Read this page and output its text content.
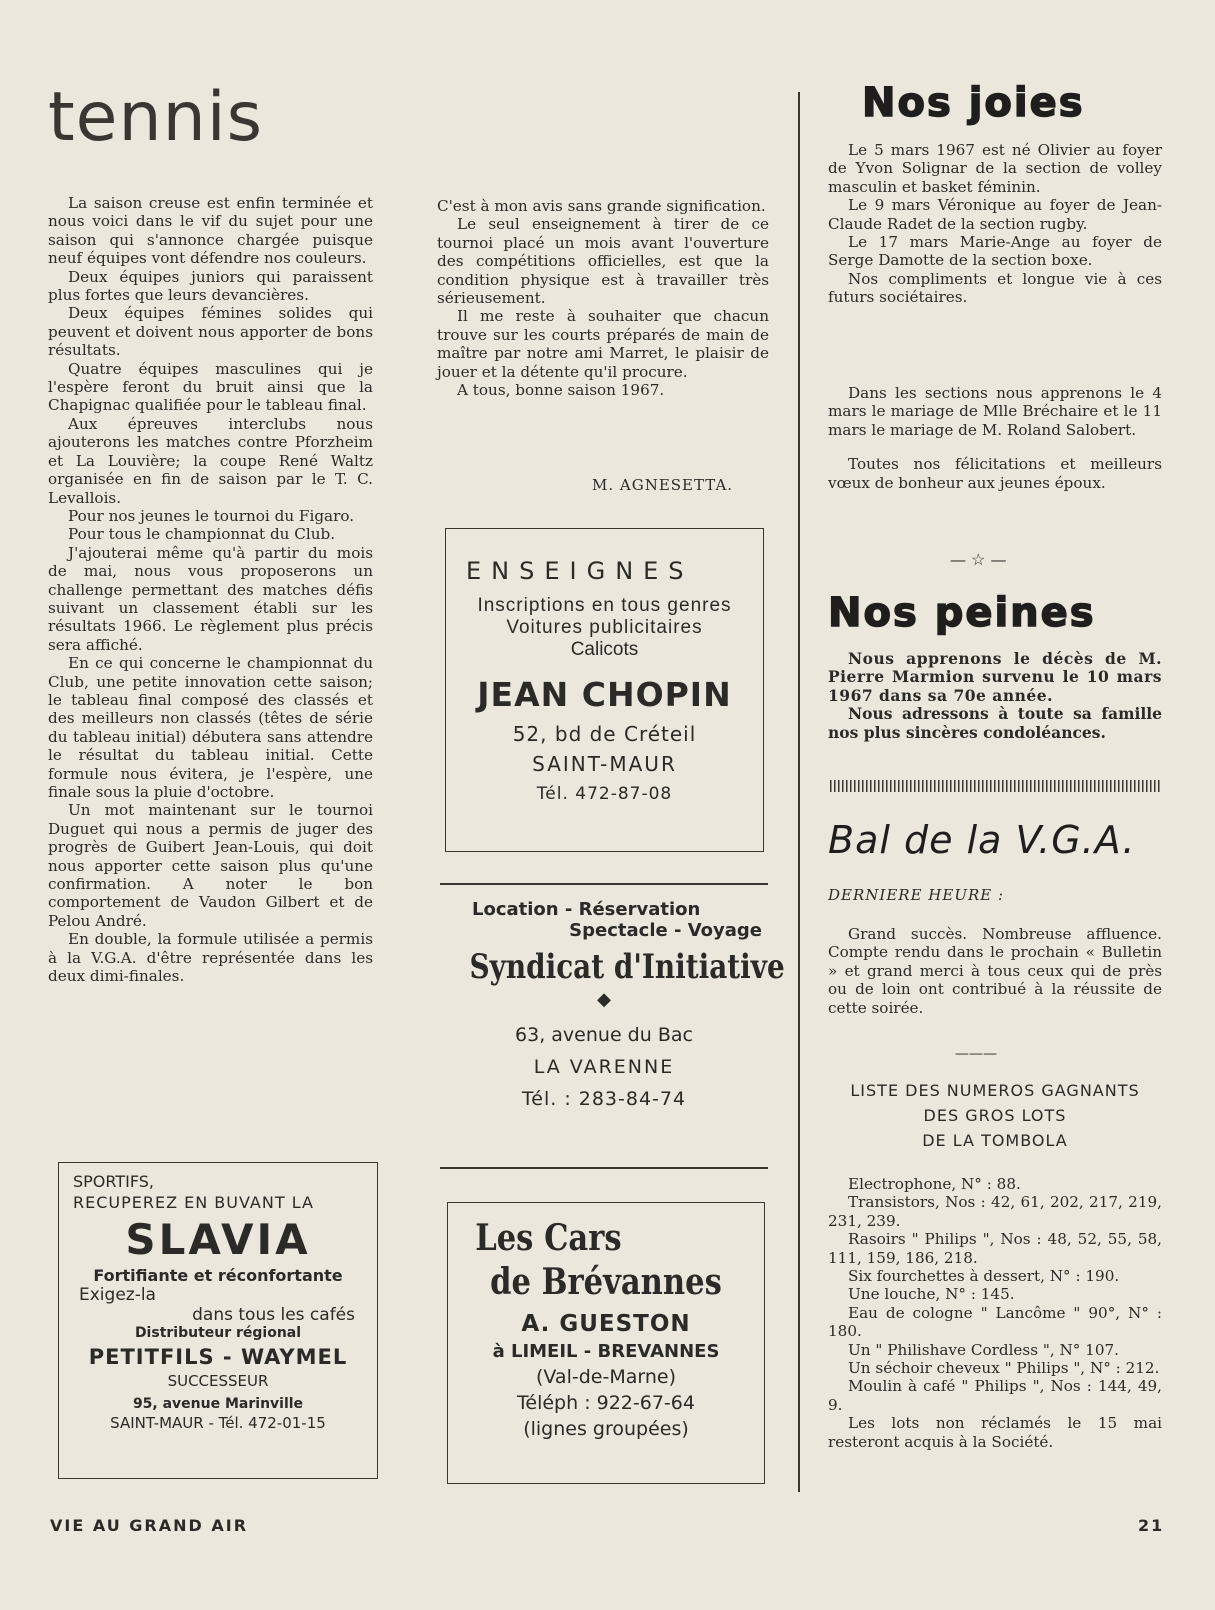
tennis

La saison creuse est enfin terminée et nous voici dans le vif du sujet pour une saison qui s'annonce chargée puisque neuf équipes vont défendre nos couleurs.

Deux équipes juniors qui paraissent plus fortes que leurs devancières.

Deux équipes fémines solides qui peuvent et doivent nous apporter de bons résultats.

Quatre équipes masculines qui je l'espère feront du bruit ainsi que la Chapignac qualifiée pour le tableau final.

Aux épreuves interclubs nous ajouterons les matches contre Pforzheim et La Louvière; la coupe René Waltz organisée en fin de saison par le T. C. Levallois.

Pour nos jeunes le tournoi du Figaro.

Pour tous le championnat du Club.

J'ajouterai même qu'à partir du mois de mai, nous vous proposerons un challenge permettant des matches défis suivant un classement établi sur les résultats 1966. Le règlement plus précis sera affiché.

En ce qui concerne le championnat du Club, une petite innovation cette saison; le tableau final composé des classés et des meilleurs non classés (têtes de série du tableau initial) débutera sans attendre le résultat du tableau initial. Cette formule nous évitera, je l'espère, une finale sous la pluie d'octobre.

Un mot maintenant sur le tournoi Duguet qui nous a permis de juger des progrès de Guibert Jean-Louis, qui doit nous apporter cette saison plus qu'une confirmation. A noter le bon comportement de Vaudon Gilbert et de Pelou André.

En double, la formule utilisée a permis à la V.G.A. d'être représentée dans les deux dimi-finales.

SPORTIFS,
RECUPEREZ EN BUVANT LA
SLAVIA
Fortifiante et réconfortante
Exigez-la
dans tous les cafés
Distributeur régional
PETITFILS - WAYMEL
SUCCESSEUR
95, avenue Marinville
SAINT-MAUR - Tél. 472-01-15

C'est à mon avis sans grande signification.

Le seul enseignement à tirer de ce tournoi placé un mois avant l'ouverture des compétitions officielles, est que la condition physique est à travailler très sérieusement.

Il me reste à souhaiter que chacun trouve sur les courts préparés de main de maître par notre ami Marret, le plaisir de jouer et la détente qu'il procure.

A tous, bonne saison 1967.

M. AGNESETTA.
ENSEIGNES
Inscriptions en tous genres
Voitures publicitaires
Calicots
JEAN CHOPIN
52, bd de Créteil
SAINT-MAUR
Tél. 472-87-08
Location - Réservation
Spectacle - Voyage
Syndicat d'Initiative
◆
63, avenue du Bac
LA VARENNE
Tél. : 283-84-74
Les Cars
de Brévannes
A. GUESTON
à LIMEIL - BREVANNES
(Val-de-Marne)
Téléph : 922-67-64
(lignes groupées)
Nos joies

Le 5 mars 1967 est né Olivier au foyer de Yvon Solignar de la section de volley masculin et basket féminin.

Le 9 mars Véronique au foyer de Jean-Claude Radet de la section rugby.

Le 17 mars Marie-Ange au foyer de Serge Damotte de la section boxe.

Nos compliments et longue vie à ces futurs sociétaires.

Dans les sections nous apprenons le 4 mars le mariage de Mlle Bréchaire et le 11 mars le mariage de M. Roland Salobert.

Toutes nos félicitations et meilleurs vœux de bonheur aux jeunes époux.

— ☆ —
Nos peines

Nous apprenons le décès de M. Pierre Marmion survenu le 10 mars 1967 dans sa 70e année.

Nous adressons à toute sa famille nos plus sincères condoléances.

Bal de la V.G.A.
DERNIERE HEURE :

Grand succès. Nombreuse affluence. Compte rendu dans le prochain « Bulletin » et grand merci à tous ceux qui de près ou de loin ont contribué à la réussite de cette soirée.

———
LISTE DES NUMEROS GAGNANTS
DES GROS LOTS
DE LA TOMBOLA

Electrophone, N° : 88.

Transistors, Nos : 42, 61, 202, 217, 219, 231, 239.

Rasoirs " Philips ", Nos : 48, 52, 55, 58, 111, 159, 186, 218.

Six fourchettes à dessert, N° : 190.

Une louche, N° : 145.

Eau de cologne " Lancôme " 90°, N° : 180.

Un " Philishave Cordless ", N° 107.

Un séchoir cheveux " Philips ", N° : 212.

Moulin à café " Philips ", Nos : 144, 49, 9.

Les lots non réclamés le 15 mai resteront acquis à la Société.

VIE AU GRAND AIR	21
